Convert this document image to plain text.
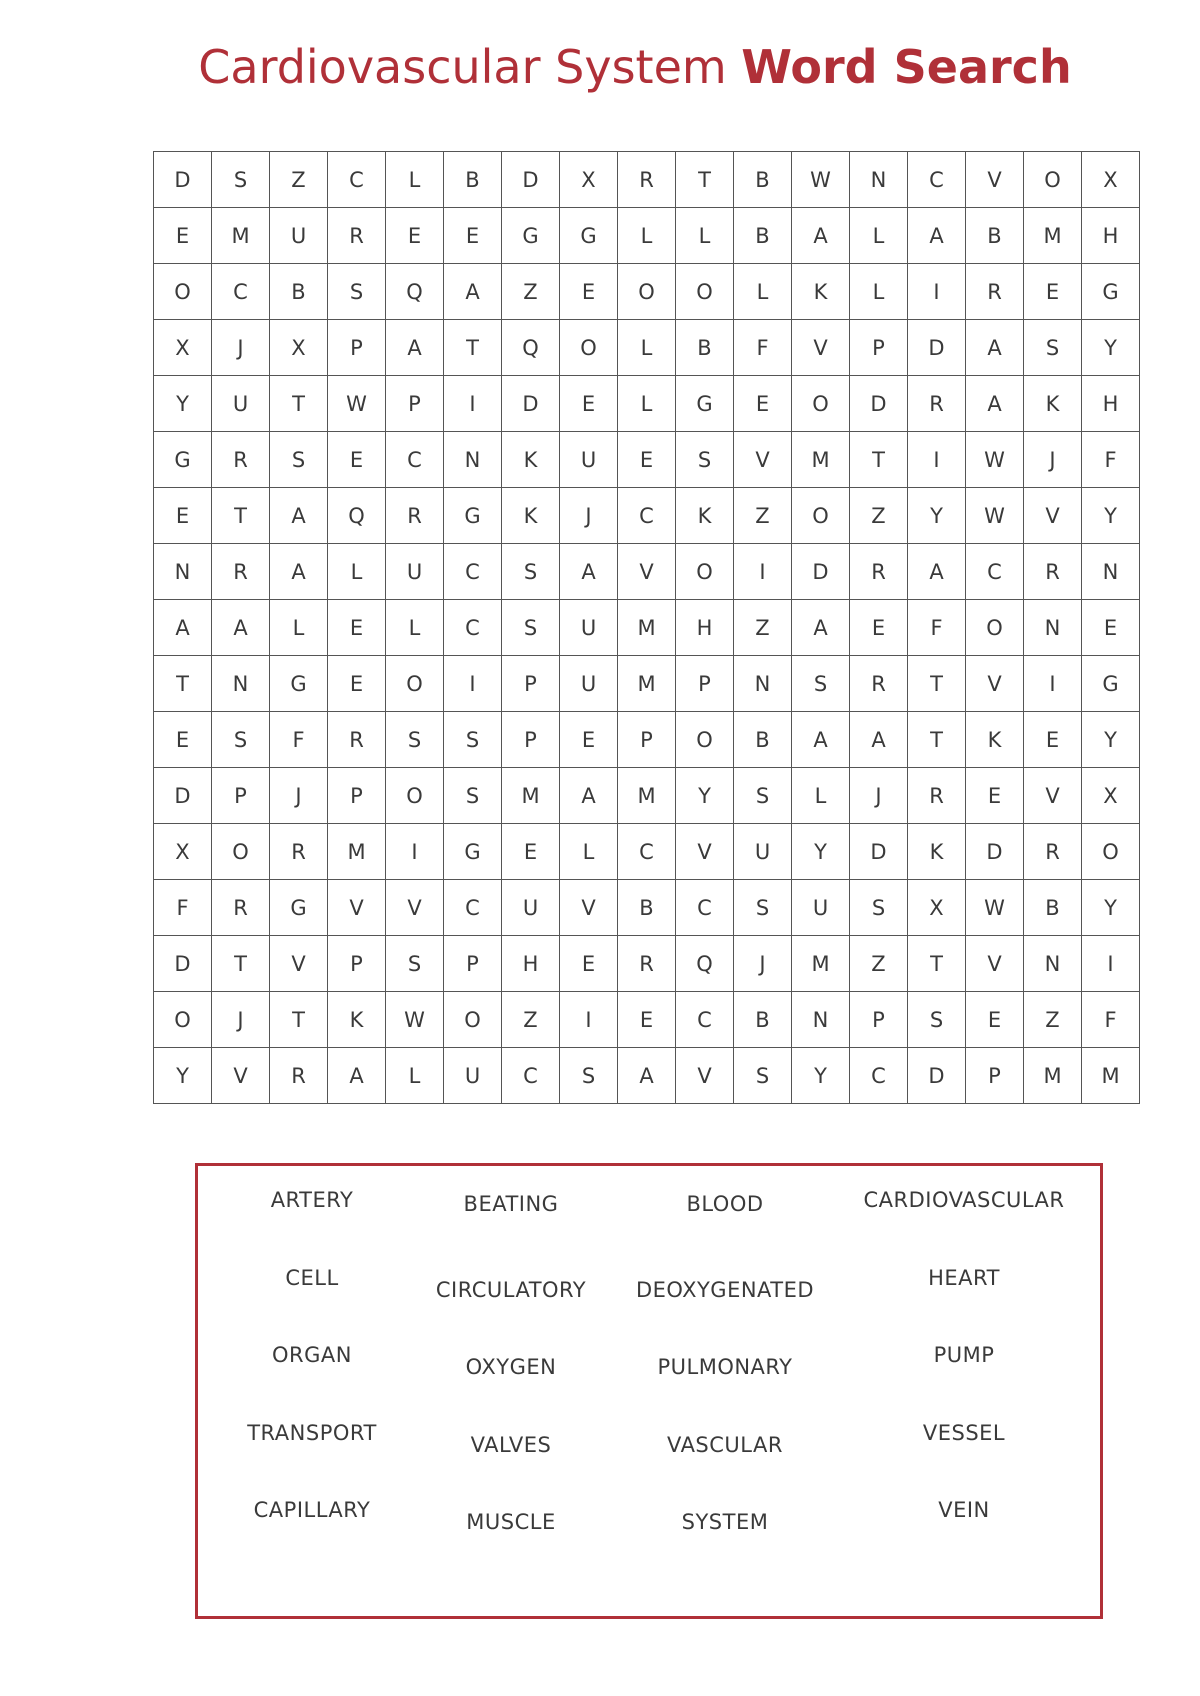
Cardiovascular System Word Search
D	S	Z	C	L	B	D	X	R	T	B	W	N	C	V	O	X
E	M	U	R	E	E	G	G	L	L	B	A	L	A	B	M	H
O	C	B	S	Q	A	Z	E	O	O	L	K	L	I	R	E	G
X	J	X	P	A	T	Q	O	L	B	F	V	P	D	A	S	Y
Y	U	T	W	P	I	D	E	L	G	E	O	D	R	A	K	H
G	R	S	E	C	N	K	U	E	S	V	M	T	I	W	J	F
E	T	A	Q	R	G	K	J	C	K	Z	O	Z	Y	W	V	Y
N	R	A	L	U	C	S	A	V	O	I	D	R	A	C	R	N
A	A	L	E	L	C	S	U	M	H	Z	A	E	F	O	N	E
T	N	G	E	O	I	P	U	M	P	N	S	R	T	V	I	G
E	S	F	R	S	S	P	E	P	O	B	A	A	T	K	E	Y
D	P	J	P	O	S	M	A	M	Y	S	L	J	R	E	V	X
X	O	R	M	I	G	E	L	C	V	U	Y	D	K	D	R	O
F	R	G	V	V	C	U	V	B	C	S	U	S	X	W	B	Y
D	T	V	P	S	P	H	E	R	Q	J	M	Z	T	V	N	I
O	J	T	K	W	O	Z	I	E	C	B	N	P	S	E	Z	F
Y	V	R	A	L	U	C	S	A	V	S	Y	C	D	P	M	M
ARTERY	BEATING	BLOOD	CARDIOVASCULAR
CELL	CIRCULATORY	DEOXYGENATED	HEART
ORGAN	OXYGEN	PULMONARY	PUMP
TRANSPORT	VALVES	VASCULAR	VESSEL
CAPILLARY	MUSCLE	SYSTEM	VEIN
